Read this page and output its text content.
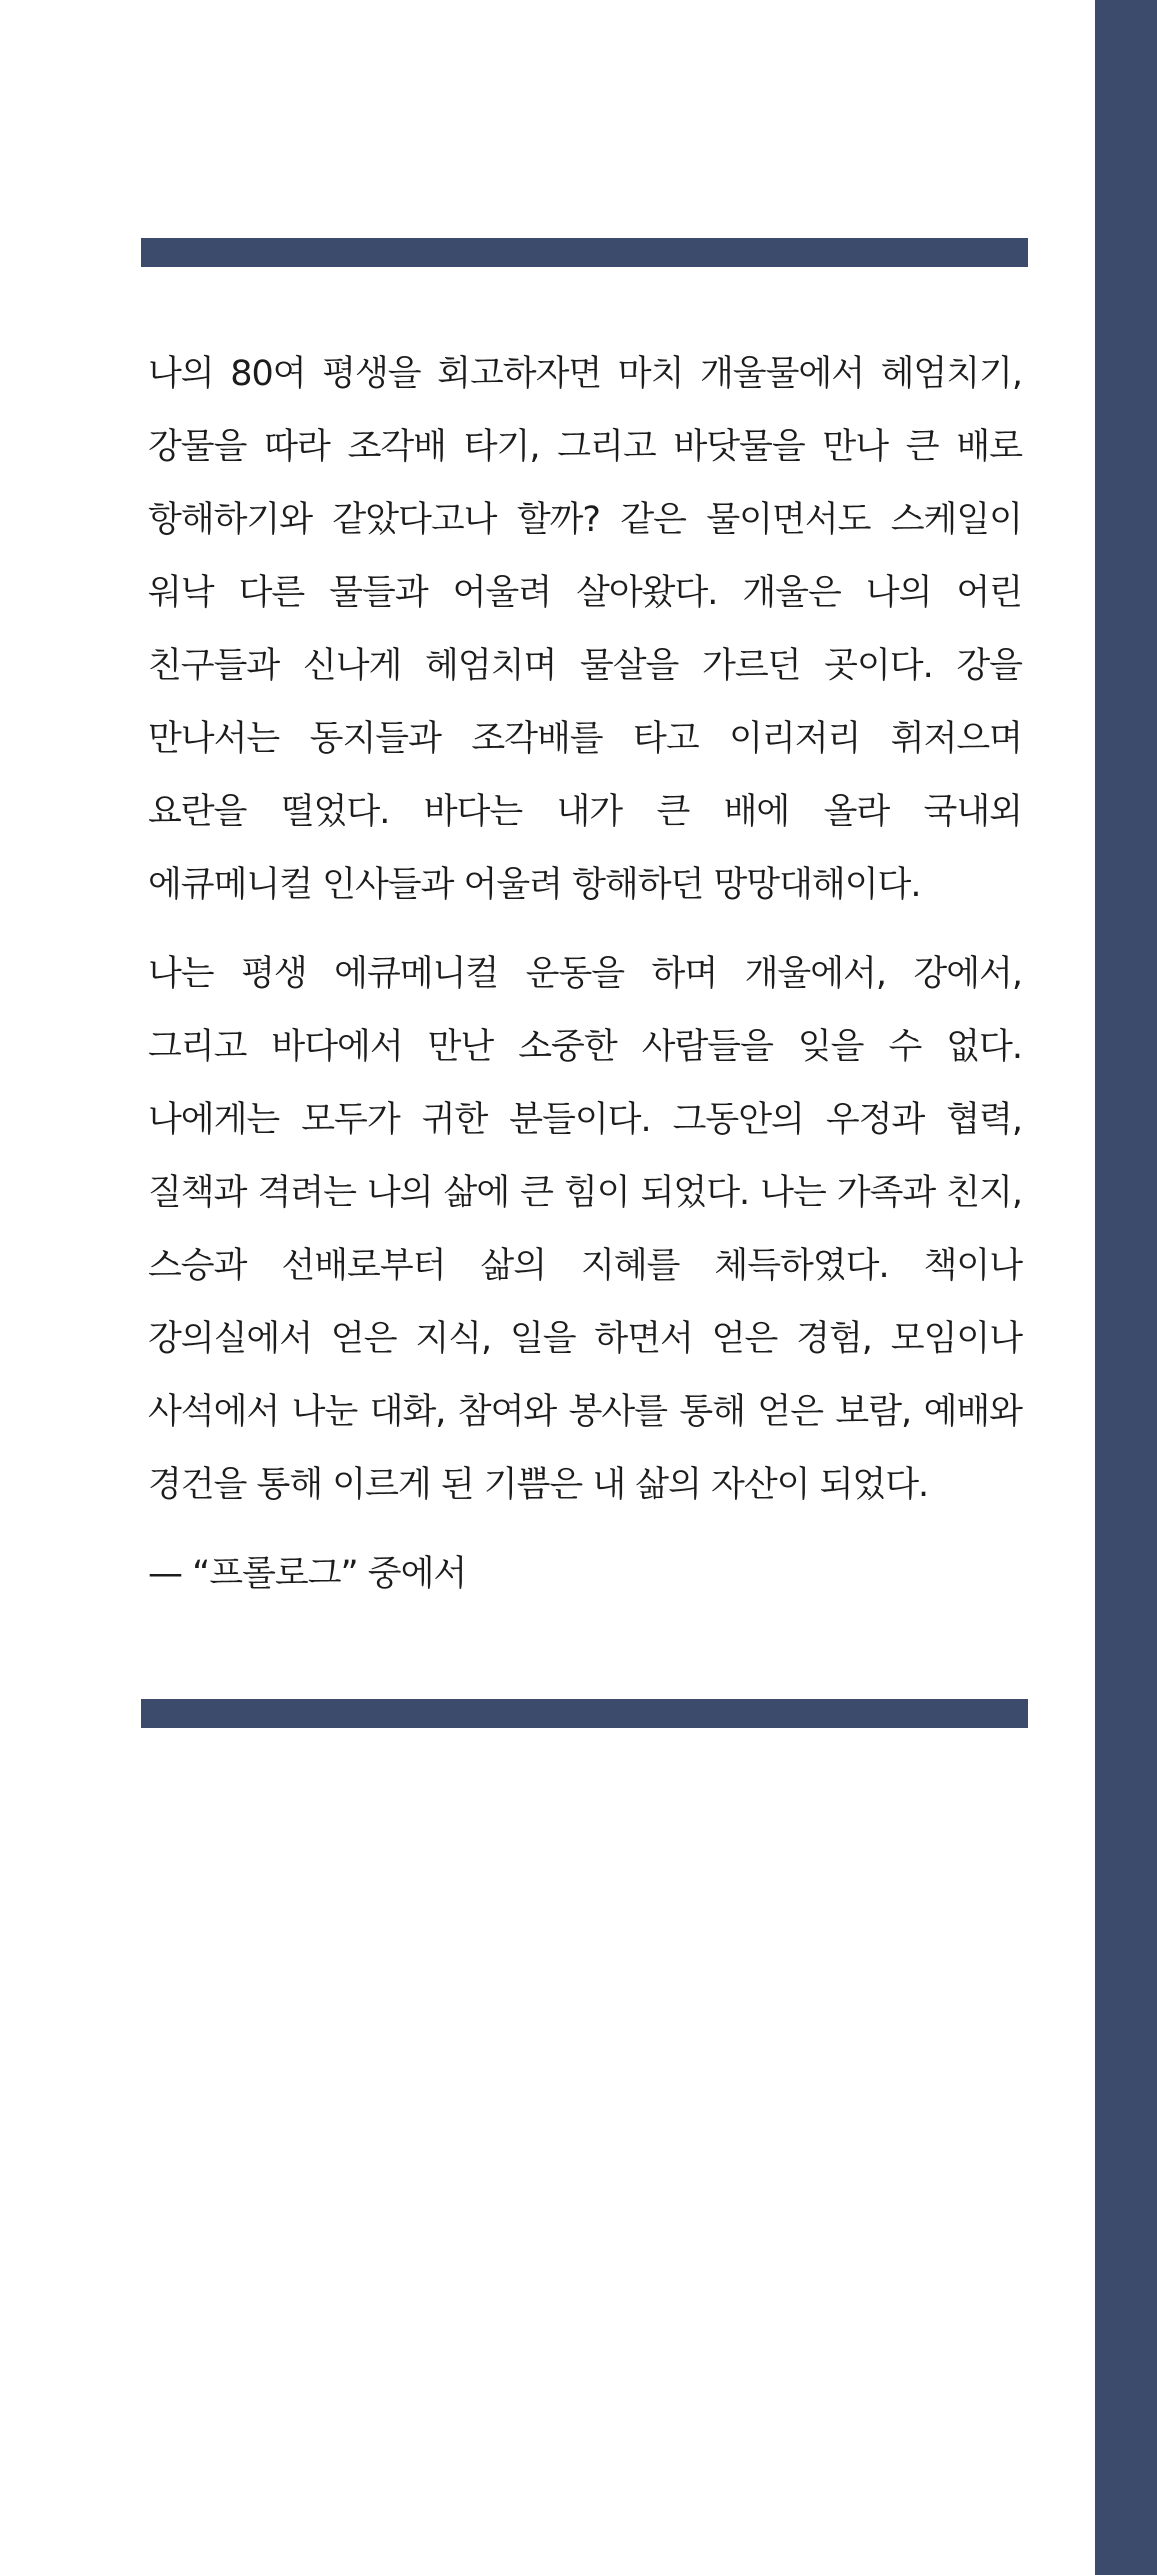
나의 80여 평생을 회고하자면 마치 개울물에서 헤엄치기, 강물을 따라 조각배 타기, 그리고 바닷물을 만나 큰 배로 항해하기와 같았다고나 할까? 같은 물이면서도 스케일이 워낙 다른 물들과 어울려 살아왔다. 개울은 나의 어린 친구들과 신나게 헤엄치며 물살을 가르던 곳이다. 강을 만나서는 동지들과 조각배를 타고 이리저리 휘저으며 요란을 떨었다. 바다는 내가 큰 배에 올라 국내외 에큐메니컬 인사들과 어울려 항해하던 망망대해이다.

나는 평생 에큐메니컬 운동을 하며 개울에서, 강에서, 그리고 바다에서 만난 소중한 사람들을 잊을 수 없다. 나에게는 모두가 귀한 분들이다. 그동안의 우정과 협력, 질책과 격려는 나의 삶에 큰 힘이 되었다. 나는 가족과 친지, 스승과 선배로부터 삶의 지혜를 체득하였다. 책이나 강의실에서 얻은 지식, 일을 하면서 얻은 경험, 모임이나 사석에서 나눈 대화, 참여와 봉사를 통해 얻은 보람, 예배와 경건을 통해 이르게 된 기쁨은 내 삶의 자산이 되었다.

— “프롤로그” 중에서
